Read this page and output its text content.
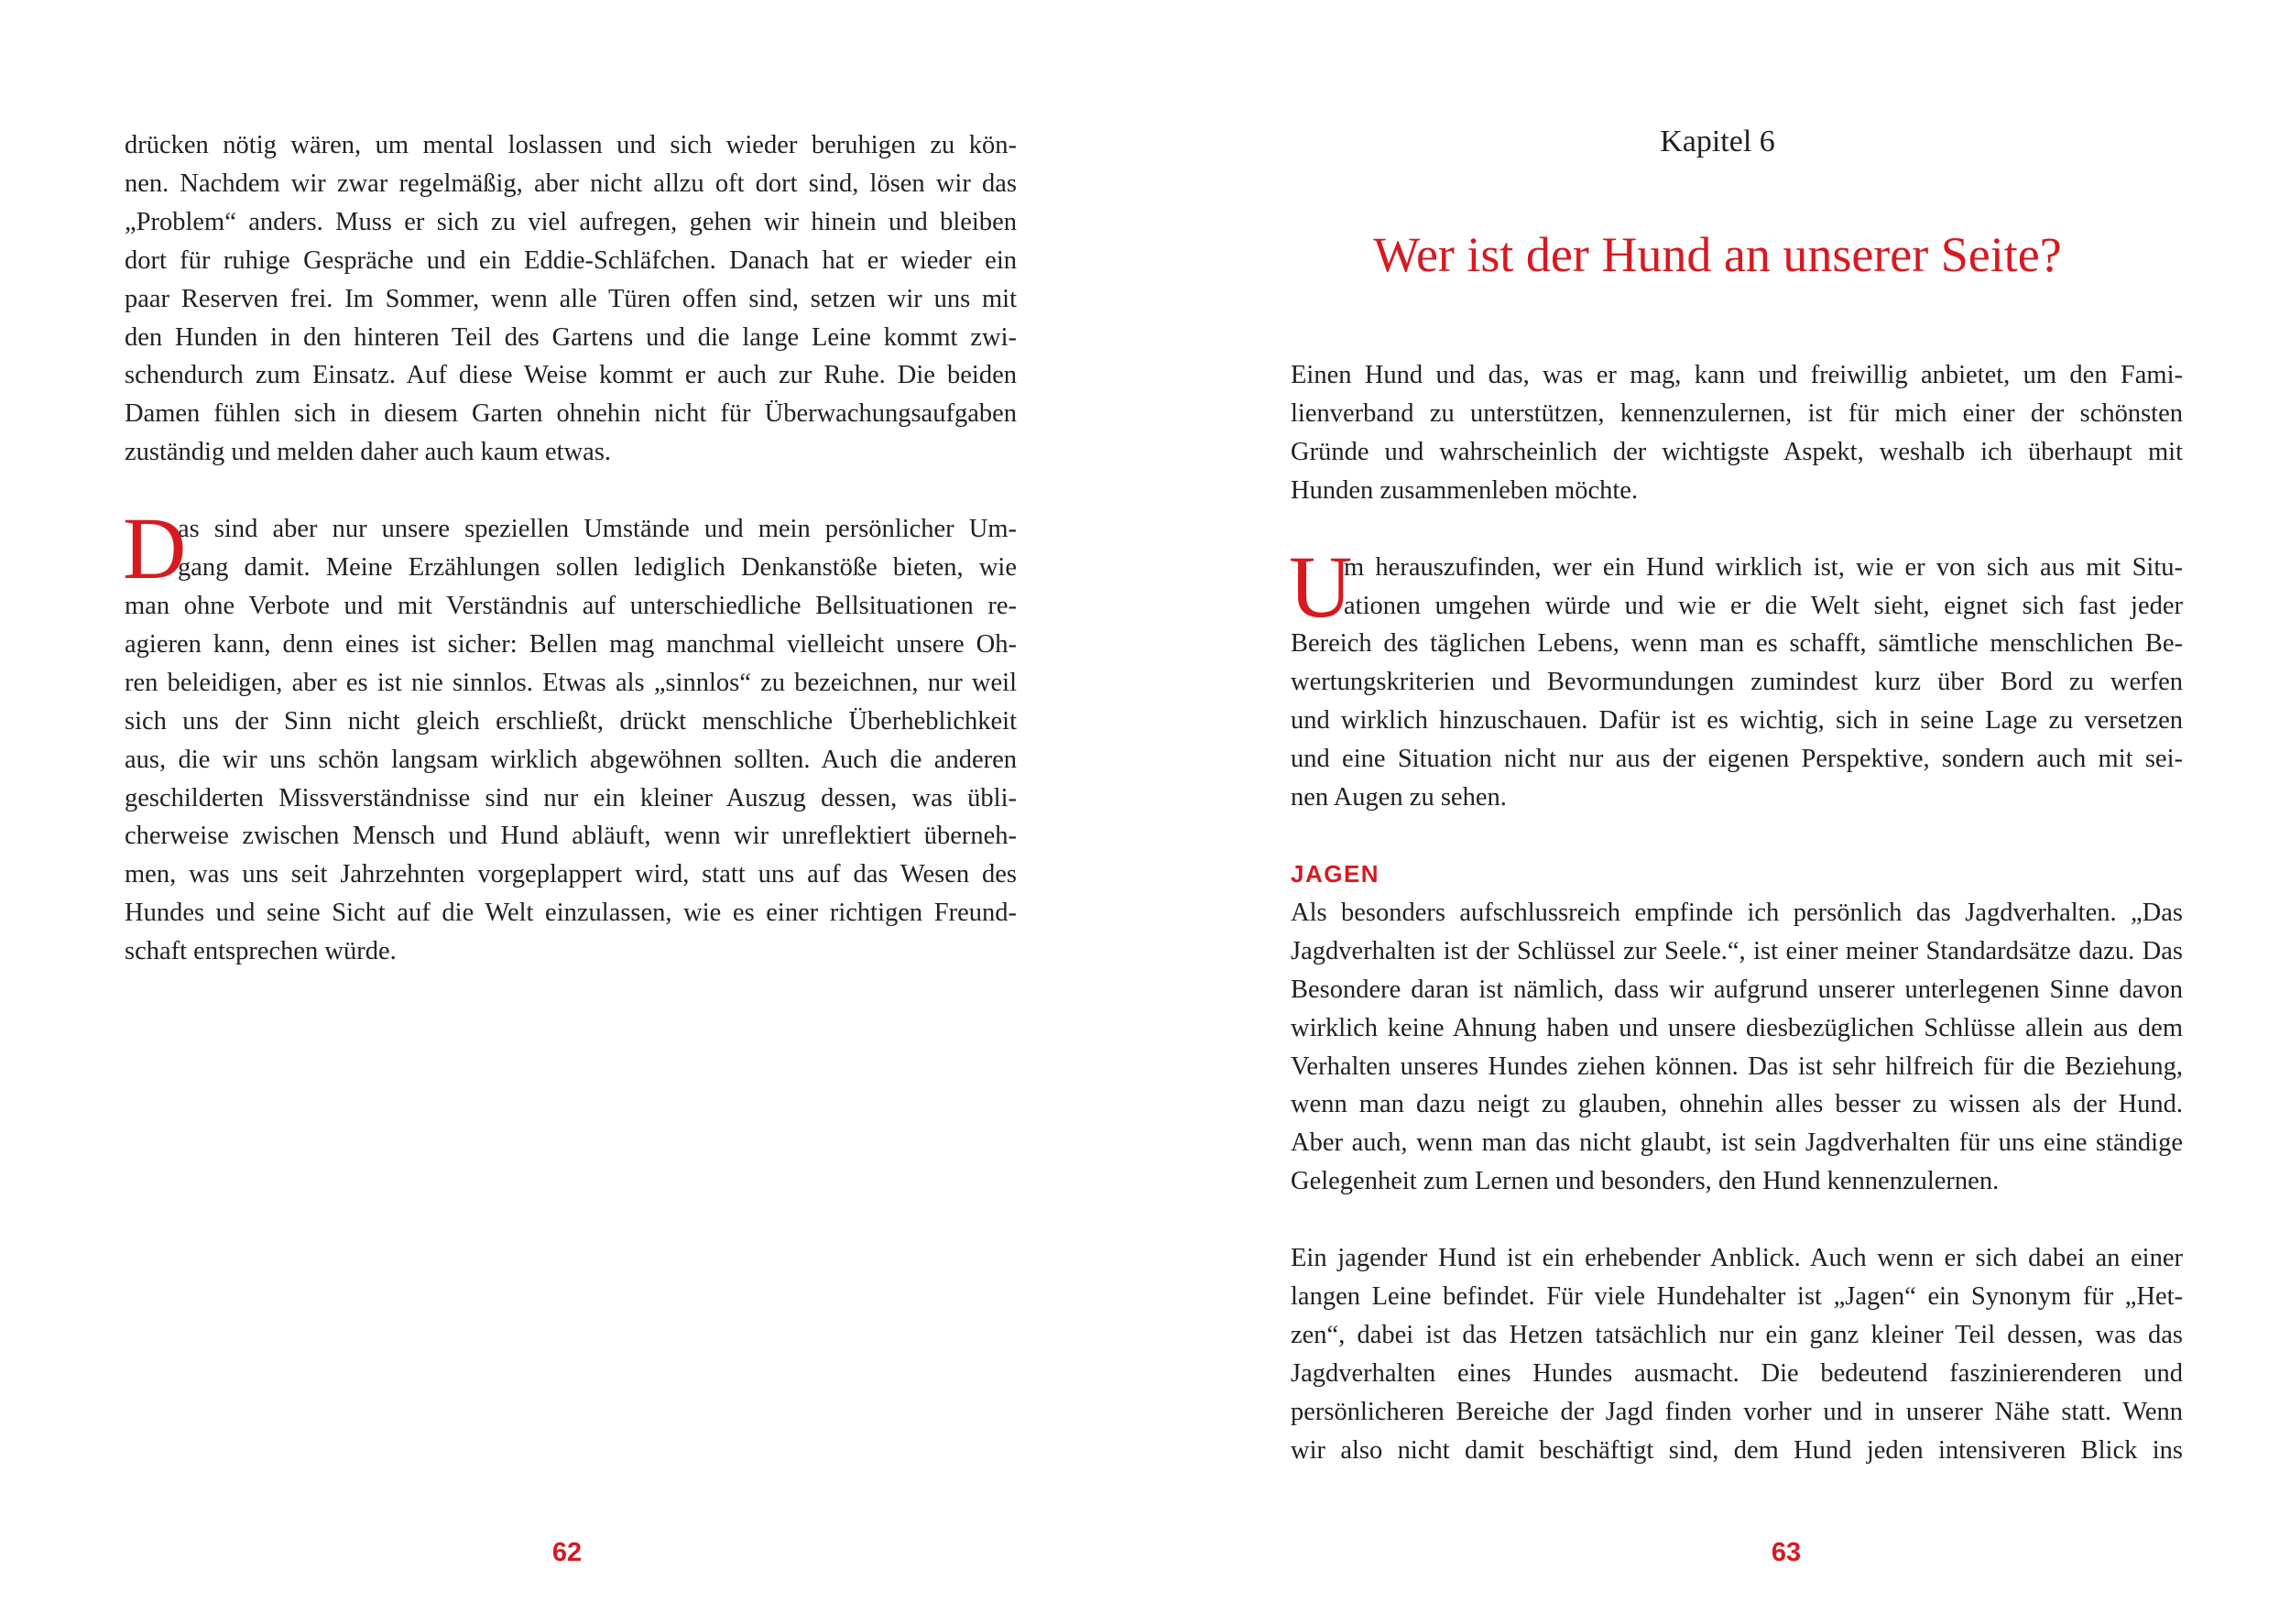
drücken nötig wären, um mental loslassen und sich wieder beruhigen zu kön-
nen. Nachdem wir zwar regelmäßig, aber nicht allzu oft dort sind, lösen wir das
„Problem“ anders. Muss er sich zu viel aufregen, gehen wir hinein und bleiben
dort für ruhige Gespräche und ein Eddie-Schläfchen. Danach hat er wieder ein
paar Reserven frei. Im Sommer, wenn alle Türen offen sind, setzen wir uns mit
den Hunden in den hinteren Teil des Gartens und die lange Leine kommt zwi-
schendurch zum Einsatz. Auf diese Weise kommt er auch zur Ruhe. Die beiden
Damen fühlen sich in diesem Garten ohnehin nicht für Überwachungsaufgaben
zuständig und melden daher auch kaum etwas.
D
as sind aber nur unsere speziellen Umstände und mein persönlicher Um-
gang damit. Meine Erzählungen sollen lediglich Denkanstöße bieten, wie
man ohne Verbote und mit Verständnis auf unterschiedliche Bellsituationen re-
agieren kann, denn eines ist sicher: Bellen mag manchmal vielleicht unsere Oh-
ren beleidigen, aber es ist nie sinnlos. Etwas als „sinnlos“ zu bezeichnen, nur weil
sich uns der Sinn nicht gleich erschließt, drückt menschliche Überheblichkeit
aus, die wir uns schön langsam wirklich abgewöhnen sollten. Auch die anderen
geschilderten Missverständnisse sind nur ein kleiner Auszug dessen, was übli-
cherweise zwischen Mensch und Hund abläuft, wenn wir unreflektiert überneh-
men, was uns seit Jahrzehnten vorgeplappert wird, statt uns auf das Wesen des
Hundes und seine Sicht auf die Welt einzulassen, wie es einer richtigen Freund-
schaft entsprechen würde.
62
Kapitel 6
Wer ist der Hund an unserer Seite?
Einen Hund und das, was er mag, kann und freiwillig anbietet, um den Fami-
lienverband zu unterstützen, kennenzulernen, ist für mich einer der schönsten
Gründe und wahrscheinlich der wichtigste Aspekt, weshalb ich überhaupt mit
Hunden zusammenleben möchte.
U
m herauszufinden, wer ein Hund wirklich ist, wie er von sich aus mit Situ-
ationen umgehen würde und wie er die Welt sieht, eignet sich fast jeder
Bereich des täglichen Lebens, wenn man es schafft, sämtliche menschlichen Be-
wertungskriterien und Bevormundungen zumindest kurz über Bord zu werfen
und wirklich hinzuschauen. Dafür ist es wichtig, sich in seine Lage zu versetzen
und eine Situation nicht nur aus der eigenen Perspektive, sondern auch mit sei-
nen Augen zu sehen.
JAGEN
Als besonders aufschlussreich empfinde ich persönlich das Jagdverhalten. „Das
Jagdverhalten ist der Schlüssel zur Seele.“, ist einer meiner Standardsätze dazu. Das
Besondere daran ist nämlich, dass wir aufgrund unserer unterlegenen Sinne davon
wirklich keine Ahnung haben und unsere diesbezüglichen Schlüsse allein aus dem
Verhalten unseres Hundes ziehen können. Das ist sehr hilfreich für die Beziehung,
wenn man dazu neigt zu glauben, ohnehin alles besser zu wissen als der Hund.
Aber auch, wenn man das nicht glaubt, ist sein Jagdverhalten für uns eine ständige
Gelegenheit zum Lernen und besonders, den Hund kennenzulernen.
Ein jagender Hund ist ein erhebender Anblick. Auch wenn er sich dabei an einer
langen Leine befindet. Für viele Hundehalter ist „Jagen“ ein Synonym für „Het-
zen“, dabei ist das Hetzen tatsächlich nur ein ganz kleiner Teil dessen, was das
Jagdverhalten eines Hundes ausmacht. Die bedeutend faszinierenderen und
persönlicheren Bereiche der Jagd finden vorher und in unserer Nähe statt. Wenn
wir also nicht damit beschäftigt sind, dem Hund jeden intensiveren Blick ins
63
